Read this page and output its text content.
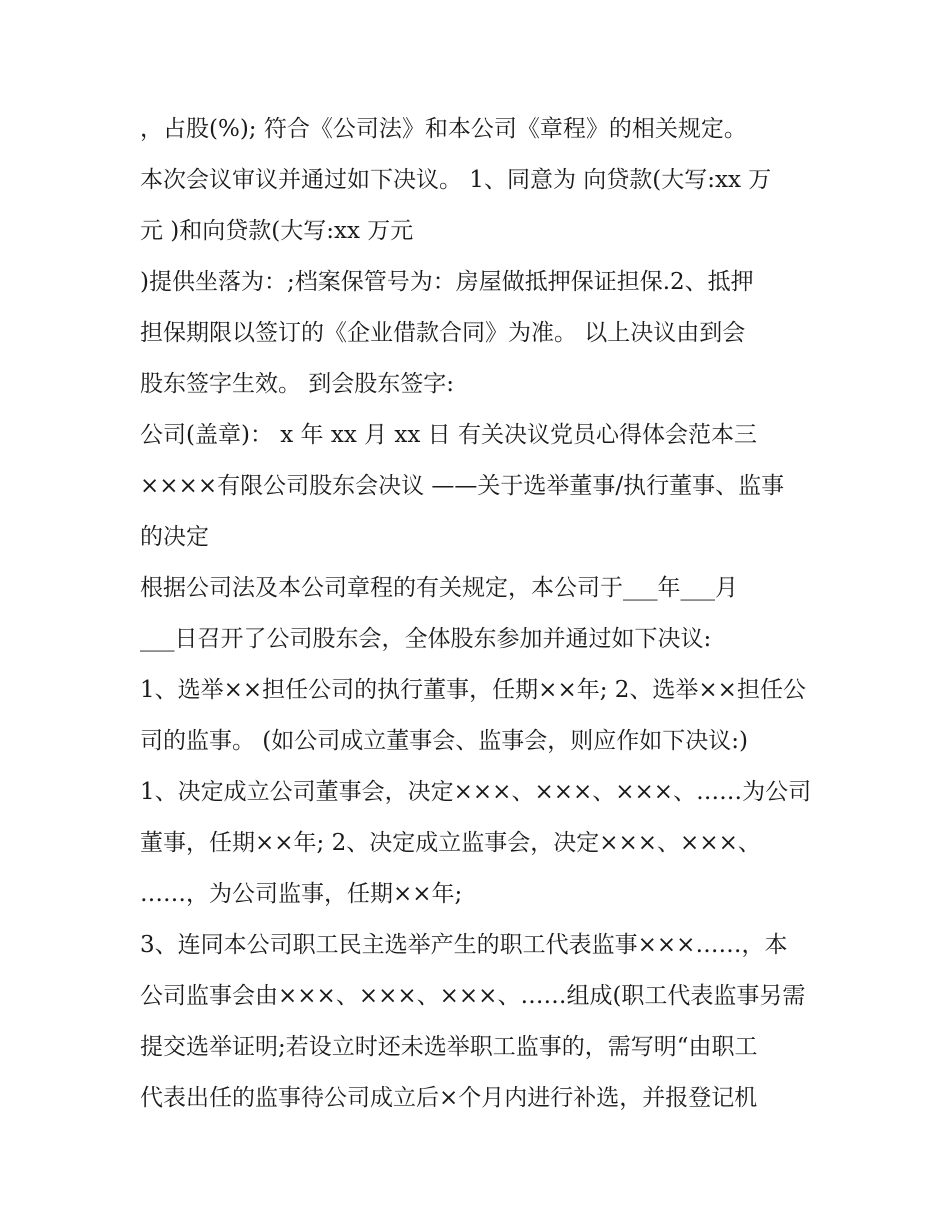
，占股(%); 符合《公司法》和本公司《章程》的相关规定。
本次会议审议并通过如下决议。 1、同意为 向贷款(大写:xx 万
元 )和向贷款(大写:xx 万元
)提供坐落为：;档案保管号为：房屋做抵押保证担保.2、抵押
担保期限以签订的《企业借款合同》为准。 以上决议由到会
股东签字生效。 到会股东签字:
公司(盖章)： x 年 xx 月 xx 日 有关决议党员心得体会范本三
××××有限公司股东会决议 ——关于选举董事/执行董事、监事
的决定
根据公司法及本公司章程的有关规定，本公司于___年___月
___日召开了公司股东会，全体股东参加并通过如下决议:
1、选举××担任公司的执行董事，任期××年; 2、选举××担任公
司的监事。 (如公司成立董事会、监事会，则应作如下决议:)
1、决定成立公司董事会，决定×××、×××、×××、……为公司
董事，任期××年; 2、决定成立监事会，决定×××、×××、
……，为公司监事，任期××年;
3、连同本公司职工民主选举产生的职工代表监事×××……，本
公司监事会由×××、×××、×××、……组成(职工代表监事另需
提交选举证明;若设立时还未选举职工监事的，需写明“由职工
代表出任的监事待公司成立后×个月内进行补选，并报登记机
